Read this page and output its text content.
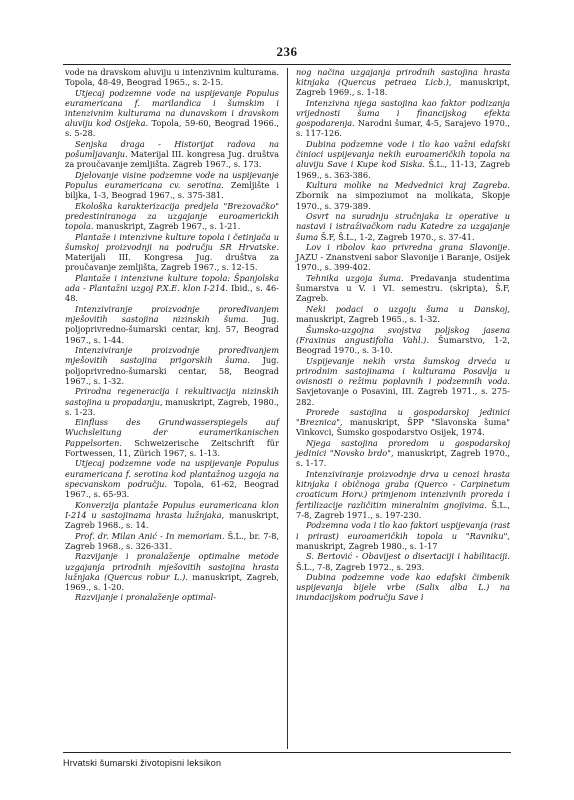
236

vode na dravskom aluviju u intenzivnim kulturama. Topola, 48-49, Beograd 1965., s. 2-15.

Utjecaj podzemne vode na uspijevanje Populus euramericana f. marilandica i šumskim i intenzivnim kulturama na dunavskom i dravskom aluviju kod Osijeka. Topola, 59-60, Beograd 1966., s. 5-28.

Senjska draga - Historijat radova na pošumljavanju. Materijal III. kongresa Jug. društva za proučavanje zemljišta. Zagreb 1967., s. 173.

Djelovanje visine podzemne vode na uspijevanje Populus euramericana cv. serotina. Zemljište i biljka, 1-3, Beograd 1967., s. 375-381.

Ekološka karakterizacija predjela "Brezovačko" predestiniranoga za uzgajanje euroamerickih topola. manuskript, Zagreb 1967., s. 1-21.

Plantaže i intenzivne kulture topola i četinjača u šumskoj proizvodnji na području SR Hrvatske. Materijali III. Kongresa Jug. društva za proučavanje zemljišta, Zagreb 1967., s. 12-15.

Plantaže i intenzivne kulture topola: Španjolska ada - Plantažni uzgoj P.X.E. klon I-214. Ibid., s. 46-48.

Intenziviranje proizvodnje proređivanjem mješovitih sastojina nizinskih šuma. Jug. poljoprivredno-šumarski centar, knj. 57, Beograd 1967., s. 1-44.

Intenziviranje proizvodnje proređivanjem mješovitih sastojina prigorskih šuma. Jug. poljoprivredno-šumarski centar, 58, Beograd 1967., s. 1-32.

Prirodna regeneracija i rekultivacija nizinskih sastojina u propadanju, manuskript, Zagreb, 1980., s. 1-23.

Einfluss des Grundwasserspiegels auf Wuchsleitung der euramerikanischen Pappelsorten. Schweizerische Zeitschrift für Fortwessen, 11, Zürich 1967, s. 1-13.

Utjecaj podzemne vode na uspijevanje Populus euramericana f. serotina kod plantažnog uzgoja na specvanskom području. Topola, 61-62, Beograd 1967., s. 65-93.

Konverzija plantaže Populus euramericana klon I-214 u sastojinama hrasta lužnjaka, manuskript, Zagreb 1968., s. 14.

Prof. dr. Milan Anić - In memoriam. Š.L., br. 7-8, Zagreb 1968., s. 326-331.

Razvijanje i pronalaženje optimalne metode uzgajanja prirodnih mješovitih sastojina hrasta lužnjaka (Quercus robur L.). manuskript, Zagreb, 1969., s. 1-20.

Razvijanje i pronalaženje optimal-

nog načina uzgajanja prirodnih sastojina hrasta kitnjaka (Quercus petraea Licb.), manuskript, Zagreb 1969., s. 1-18.

Intenzivna njega sastojina kao faktor podizanja vrijednosti šuma i financijskog efekta gospodarenja. Narodni šumar, 4-5, Sarajevo 1970., s. 117-126.

Dubina podzemne vode i tlo kao važni edafski činioci uspijevanja nekih euroameričkih topola na aluviju Save i Kupe kod Siska. Š.L., 11-13, Zagreb 1969., s. 363-386.

Kultura molike na Medvednici kraj Zagreba. Zbornik na simpoziumot na molikata, Skopje 1970., s. 379-389.

Osvrt na suradnju stručnjaka iz operative u nastavi i istraživačkom radu Katedre za uzgajanje šuma Š.F, Š.L., 1-2, Zagreb 1970., s. 37-41.

Lov i ribolov kao privredna grana Slavonije. JAZU - Znanstveni sabor Slavonije i Baranje, Osijek 1970., s. 399-402.

Tehnika uzgoja šuma. Predavanja studentima šumarstva u V. i VI. semestru. (skripta), Š.F, Zagreb.

Neki podaci o uzgoju šuma u Danskoj, manuskript, Zagreb 1965., s. 1-32.

Šumsko-uzgojna svojstva poljskog jasena (Fraxinus angustifolia Vahl.). Šumarstvo, 1-2, Beograd 1970., s. 3-10.

Uspijevanje nekih vrsta šumskog drveća u prirodnim sastojinama i kulturama Posavlja u ovisnosti o režimu poplavnih i podzemnih voda. Savjetovanje o Posavini, III. Zagreb 1971., s. 275-282.

Prorede sastojina u gospodarskoj jedinici "Breznica", manuskript, ŠPP "Slavonska šuma" Vinkovci, Šumsko gospodarstvo Osijek, 1974.

Njega sastojina proredom u gospodarskoj jedinici "Novsko brdo", manuskript, Zagreb 1970., s. 1-17.

Intenziviranje proizvodnje drva u cenozi hrasta kitnjaka i običnoga graba (Querco - Carpinetum croaticum Horv.) primjenom intenzivnih proreda i fertilizacije različitim mineralnim gnojivima. Š.L., 7-8, Zagreb 1971., s. 197-230.

Podzemna voda i tlo kao faktori uspijevanja (rast i prirast) euroameričkih topola u "Ravniku", manuskript, Zagreb 1980., s. 1-17

S. Bertović - Obavijest o disertaciji i habilitaciji. Š.L., 7-8, Zagreb 1972., s. 293.

Dubina podzemne vode kao edafski čimbenik uspijevanja bijele vrbe (Salix alba L.) na inundacijskom području Save i

Hrvatski šumarski životopisni leksikon
